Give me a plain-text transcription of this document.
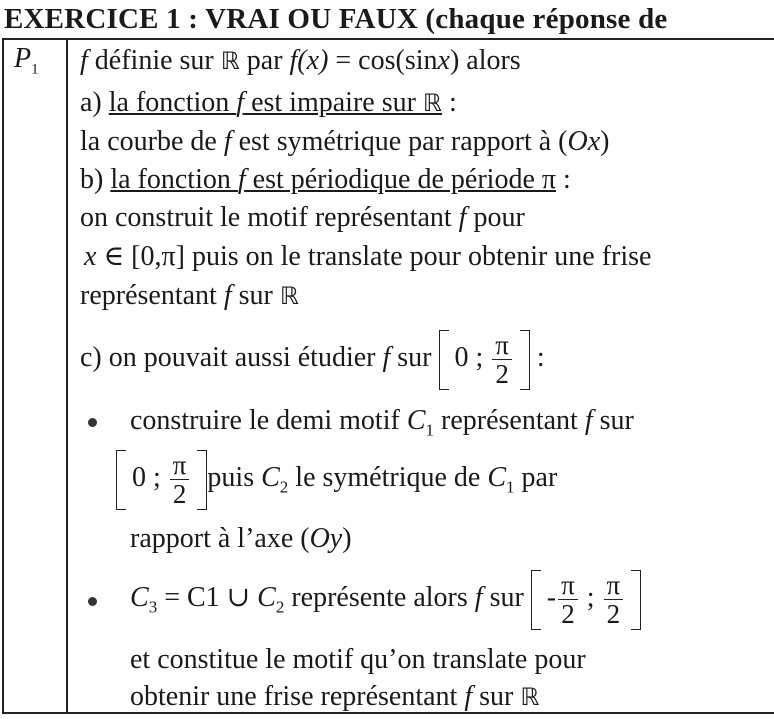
EXERCICE 1 : VRAI OU FAUX (chaque réponse de
$P_1$ f définie sur ℝ par f(x) = cos(sinx) alors
a) la fonction f est impaire sur ℝ :
la courbe de f est symétrique par rapport à (Ox)
b) la fonction f est périodique de période π :
on construit le motif représentant f pour
x ∈ [0,π] puis on le translate pour obtenir une frise
représentant f sur ℝ
c) on pouvait aussi étudier f sur 0 ; $\frac{\pi}{2}$ :
construire le demi motif $C_1$ représentant f sur
0 ; $\frac{\pi}{2}$ puis $C_2$ le symétrique de $C_1$ par
rapport à l’axe (Oy)
$C_3 = C1$ ∪ $C_2$ représente alors f sur - $\frac{\pi}{2}$ ; $\frac{\pi}{2}$
et constitue le motif qu’on translate pour
obtenir une frise représentant f sur ℝ
